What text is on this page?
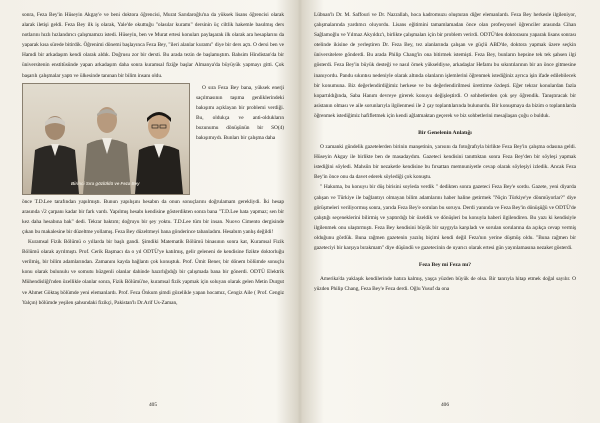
sonra, Feza Bey'in Hüseyin Akgay'e ve beni doktora öğrencisi, Murat Sarıdaroğlu'na da yüksek lisans öğrencisi olarak alarak iletişi geldi. Feza Bey ilk iş olarak, Yale'de okuttuğu "olasılar kuramı" dersinin üç ciltlik hakemle basılmış ders notlarını hızlı hızlandırıcı çalışmamızı istedi. Hüseyin, ben ve Murat ertesi konuları paylaşarak ilk olarak ara hesaplarını da yaparak kısa sürede bitirdik. Öğrenimi dönemi başlayınca Feza Bey, "ileri alanlar kuramı" diye bir ders açtı. O dersi ben ve Hamdi bir arkadaşım kendi olarak aldık. Doğrusu zor bir dersti. Bu arada tezin de başlamıştım. Bahsim Hindistan'da bir üniversitenin enstitüsünde yapan arkadaşım daha sonra kuramsal fiziğe başlar Almanya'da büyüyük yapmayı gitti. Çok başarılı çalışmalar yaptı ve ülkesinde tanınan bir bilim insanı oldu.

Birinci Sıra gözlüklü ve Feza Bey

O sıra Feza Bey bana, yüksek enerji saçılmasının taşıma genliklerindeki bakışımı açıklayan bir problemi verdiği. Bu, oldukça ve anti-oldukların bozunumu dönüşünün bir SO(4) bakışımıydı. Bunları bir çalışma daha

önce T.D.Lee tarafından yapılmıştı. Bunun yapılışını hesabın da onun sonuçlarını doğrulamam gerekliydi. İki hesap arasında √2 çarpanı kadar bir fark vardı. Yapılmış hesabı kendisine gösterdikten sonra bana "T.D.Lee hata yapmaz; sen bir kez daha hesabına bak" dedi. Tekrar baktım; doğruyu bir şey yoktu. T.D.Lee tüm bir insan. Nuovo Cimento dergisinde çıkan bu makalesine bir düzeltme yollamış. Feza Bey düzeltmeyi bana gönderince tabanladım. Hesabım yanlış değildi!

Kuramsal Fizik Bölümü o yıllarda bir başlı gandi. Şimdiki Matematik Bölümü binasının sonra kat, Kuramsal Fizik Bölümü olarak ayrılmıştı. Prof. Cerik Başmacı da o yıl ODTÜ'ye katılmış, gelir geleneni de kendisine fizikte doktorluğu verilmiş, bir bilim adamlarından. Zamanını kayda bağlantı çok konuştuk. Prof. Ümit Bener, bir dönem bölümde sonuçlu konu olarak bulunulu ve somutu hüzgenli olanlar dahinde hazırlığıdığı bir çalışmada bana bir gönerdi. ODTÜ Elektrik Mühendisliği'nden özellikle olanlar sonra, Fizik Bölümü'ne, kuramsal fizik yapmak için soluyan olarak gelen Metin Durgut ve Ahmet Göktaş bölümde yeni elemanlardı. Prof. Feza Önkum şimdi gözelikle yapan hocamız, Cengiz Aile ( Prof. Cengiz Yalçın) bölümde yeşilen şahsındaki fizikçi, Pakistan'lı Dr.Arif Us-Zaman,

405

Lübnan'lı Dr. M. Saffouri ve Dr. Nazrallah, hoca kadromuzu oluşturan diğer elemanlardı. Feza Bey herkesle ilgileniyor, çalışmalarında yardımcı oluyordu. Lisans eğitimini tamamlamadan önce olan profesyonel öğrenciler arasında Cihan Sağlamoğlu ve Yılmaz Akyıldız'ı, birlikte çalışmaları için bir problem verirdi. ODTÜ'den doktorasını yaparak lisans sonrası otelinde ikisine de yerleştiren Dr. Feza Bey, tez alanlarında çalışan ve güçlü ABD'de, doktora yapmak üzere seçkin üniversitelere gönderdi. Bu arada Philip Chang'in ona bitirmek istemişti. Feza Bey, bunların hepsine tek tek şahsen ilgi gösterdi. Feza Bey'in büyük desteği ve nasıl örnek yükseldiyse, arkadaşlar Hefamı bu sıkıntılarının bir an önce gitmesine inanıyordu. Pandu sıkıntısı nedeniyle olarak altında olanların işlemlerini öğrenmek istediğiniz ayrıca işin ifade edilebilecek bir konumuna. Biz değerlendirdiğimiz herkese ve bu değerlendirilmesi ürettirme özdeşti. Eğer tekrar konulardan fazla kopartıldığında, Saba Hanım devreye girerek konuyu değişleştirdi. O sohbetlerden çok şey öğrendik. Tanıştıracak bir asistanın olması ve aile sorunlarıyla ilgilenmesi ile 2 çay toplantılarında bulunurdu. Bir konuşmaya da bizim o toplantılarda öğrenmek istediğimiz hafifletmek için kendi ağlatmaktan geçerek ve biz sohbetlerini mesajlaşan çoğu o bulduk.

Bir Genelenin Anlatığı

O zamanki gündelik gazetelerden birinin manşetinin, yarısını da fotoğrafıyla birlikte Feza Bey'in çalışma odasına geldi. Hüseyin Akgay ile birlikte ben de masadaydım. Gazeteci kendisini tanıttıktan sonra Feza Bey'den bir söyleşi yapmak istediğini söyledi. Mahsûn bir nezaketle kendisine bu fırsattan memnuniyetle cevap olarak söyleşiyi izledik. Ancak Feza Bey'in önce onu da davet ederek söylediği çok konuştu.

" Hakuma, bu konuyu bir düş birisini soyleda verdik " dedikten sonra gazeteci Feza Bey'e sordu. Gazete, yeni diyarda çalışan ve Türkiye ile bağlantıyı olmayan bilim adamlarını haber haline getirmek "Niçin Türkiye'ye dönmüyorlar?" diye görüşmeleri veriliyormuş sonra, yarıda Feza Bey'e sorulan bu soruyu. Derdi yanında ve Feza Bey'in dönüşüğü ve ODTÜ'de çalıştığı seçeneklerini bilirmiş ve yaptırdığı bir özeldik ve dönüşleri bu konuyla haberi ilgilendiren. Bu yazı ki kendisiyle ilgilenmek onu ulaştırmıştı. Feza Bey kendisini büyük bir saygıyla karşıladı ve sorulan sorularına da açıkça cevap vermiş olduğunu gördük. Buna rağmen gazetenin yazılış biçimi kendi değil Feza'nın yerine düşmüş oldu. "Buna rağmen bir gazeteciyi bir karşıya bırakmam" diye düşündü ve gazetecinin de uyarıcı olarak ertesi gün yayınlamasına nezaket gösterdi.

Feza Bey mi Feza mı?

Amerika'da yaklaşık kendilerinde hatıra kalmış, yaşça yüzden büyük de olsa. Bir tanrıyla hitap etmek doğal sayılır. O yüzden Philip Chang, Feza Bey'e Feza derdi. Oğlu Yusuf da ona

406
